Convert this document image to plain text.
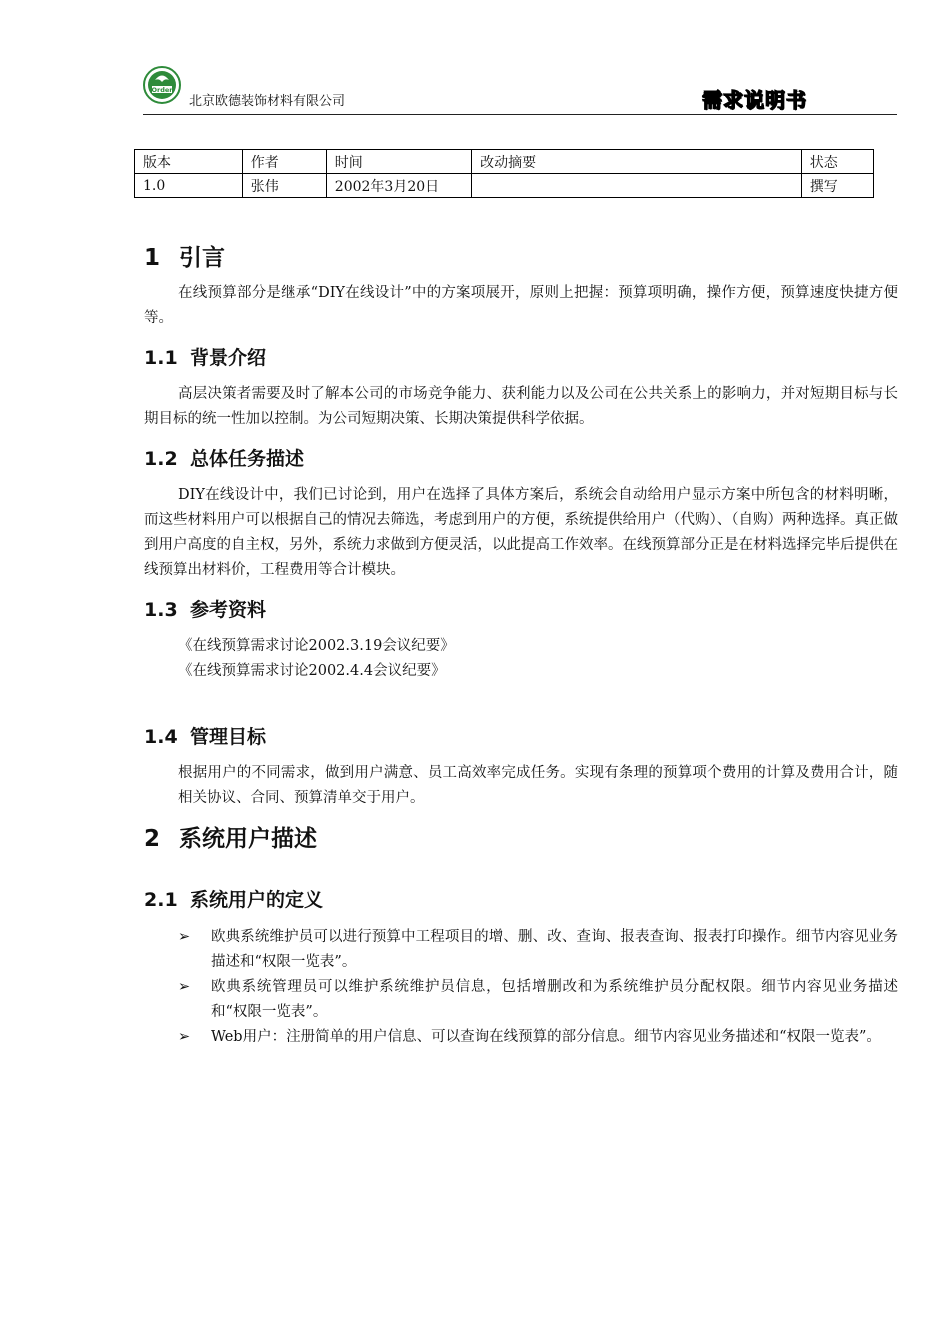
Order
北京欧德装饰材料有限公司	需求说明书
版本	作者	时间	改动摘要	状态
1.0	张伟	2002年3月20日		撰写
1 引言

在线预算部分是继承“DIY在线设计”中的方案项展开，原则上把握：预算项明确，操作方便，预算速度快捷方便等。

1.1 背景介绍

高层决策者需要及时了解本公司的市场竞争能力、获利能力以及公司在公共关系上的影响力，并对短期目标与长期目标的统一性加以控制。为公司短期决策、长期决策提供科学依据。

1.2 总体任务描述

DIY在线设计中，我们已讨论到，用户在选择了具体方案后，系统会自动给用户显示方案中所包含的材料明晰，而这些材料用户可以根据自己的情况去筛选，考虑到用户的方便，系统提供给用户（代购）、（自购）两种选择。真正做到用户高度的自主权，另外，系统力求做到方便灵活，以此提高工作效率。在线预算部分正是在材料选择完毕后提供在线预算出材料价，工程费用等合计模块。

1.3 参考资料

《在线预算需求讨论2002.3.19会议纪要》

《在线预算需求讨论2002.4.4会议纪要》

1.4 管理目标

根据用户的不同需求，做到用户满意、员工高效率完成任务。实现有条理的预算项个费用的计算及费用合计，随相关协议、合同、预算清单交于用户。

2 系统用户描述
2.1 系统用户的定义
➢ 欧典系统维护员可以进行预算中工程项目的增、删、改、查询、报表查询、报表打印操作。细节内容见业务描述和“权限一览表”。
➢ 欧典系统管理员可以维护系统维护员信息，包括增删改和为系统维护员分配权限。细节内容见业务描述和“权限一览表”。
➢ Web用户：注册简单的用户信息、可以查询在线预算的部分信息。细节内容见业务描述和“权限一览表”。
